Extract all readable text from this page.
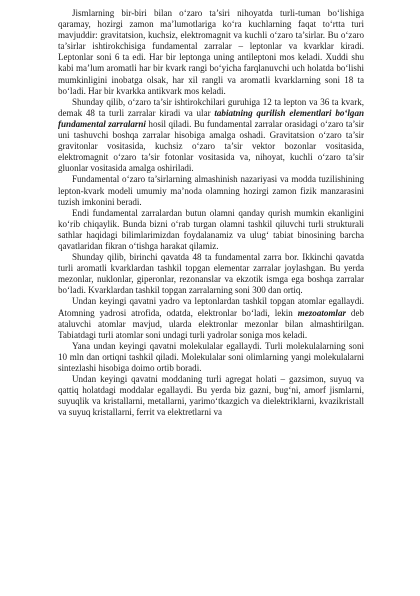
Jismlarning bir-biri bilan o‘zaro ta’siri nihoyatda turli-tuman bo‘lishiga qaramay, hozirgi zamon ma’lumotlariga ko‘ra kuchlarning faqat to‘rtta turi mavjuddir: gravitatsion, kuchsiz, elektromagnit va kuchli o‘zaro ta’sirlar. Bu o‘zaro ta’sirlar ishtirokchisiga fundamental zarralar – leptonlar va kvarklar kiradi. Leptonlar soni 6 ta edi. Har bir leptonga uning antileptoni mos keladi. Xuddi shu kabi ma’lum aromatli har bir kvark rangi bo‘yicha farqlanuvchi uch holatda bo‘lishi mumkinligini inobatga olsak, har xil rangli va aromatli kvarklarning soni 18 ta bo‘ladi. Har bir kvarkka antikvark mos keladi.

Shunday qilib, o‘zaro ta’sir ishtirokchilari guruhiga 12 ta lepton va 36 ta kvark, demak 48 ta turli zarralar kiradi va ular tabiatning qurilish elementlari bo‘lgan fundamental zarralarni hosil qiladi. Bu fundamental zarralar orasidagi o‘zaro ta’sir uni tashuvchi boshqa zarralar hisobiga amalga oshadi. Gravitatsion o‘zaro ta’sir gravitonlar vositasida, kuchsiz o‘zaro ta’sir vektor bozonlar vositasida, elektromagnit o‘zaro ta’sir fotonlar vositasida va, nihoyat, kuchli o‘zaro ta’sir gluonlar vositasida amalga oshiriladi.

Fundamental o‘zaro ta’sirlarning almashinish nazariyasi va modda tuzilishining lepton-kvark modeli umumiy ma’noda olamning hozirgi zamon fizik manzarasini tuzish imkonini beradi.

Endi fundamental zarralardan butun olamni qanday qurish mumkin ekanligini ko‘rib chiqaylik. Bunda bizni o‘rab turgan olamni tashkil qiluvchi turli strukturali sathlar haqidagi bilimlarimizdan foydalanamiz va ulug‘ tabiat binosining barcha qavatlaridan fikran o‘tishga harakat qilamiz.

Shunday qilib, birinchi qavatda 48 ta fundamental zarra bor. Ikkinchi qavatda turli aromatli kvarklardan tashkil topgan elementar zarralar joylashgan. Bu yerda mezonlar, nuklonlar, giperonlar, rezonanslar va ekzotik ismga ega boshqa zarralar bo‘ladi. Kvarklardan tashkil topgan zarralarning soni 300 dan ortiq.

Undan keyingi qavatni yadro va leptonlardan tashkil topgan atomlar egallaydi. Atomning yadrosi atrofida, odatda, elektronlar bo‘ladi, lekin mezoatomlar deb ataluvchi atomlar mavjud, ularda elektronlar mezonlar bilan almashtirilgan. Tabiatdagi turli atomlar soni undagi turli yadrolar soniga mos keladi.

Yana undan keyingi qavatni molekulalar egallaydi. Turli molekulalarning soni 10 mln dan ortiqni tashkil qiladi. Molekulalar soni olimlarning yangi molekulalarni sintezlashi hisobiga doimo ortib boradi.

Undan keyingi qavatni moddaning turli agregat holati – gazsimon, suyuq va qattiq holatdagi moddalar egallaydi. Bu yerda biz gazni, bug‘ni, amorf jismlarni, suyuqlik va kristallarni, metallarni, yarimo‘tkazgich va dielektriklarni, kvazikristall va suyuq kristallarni, ferrit va elektretlarni va
